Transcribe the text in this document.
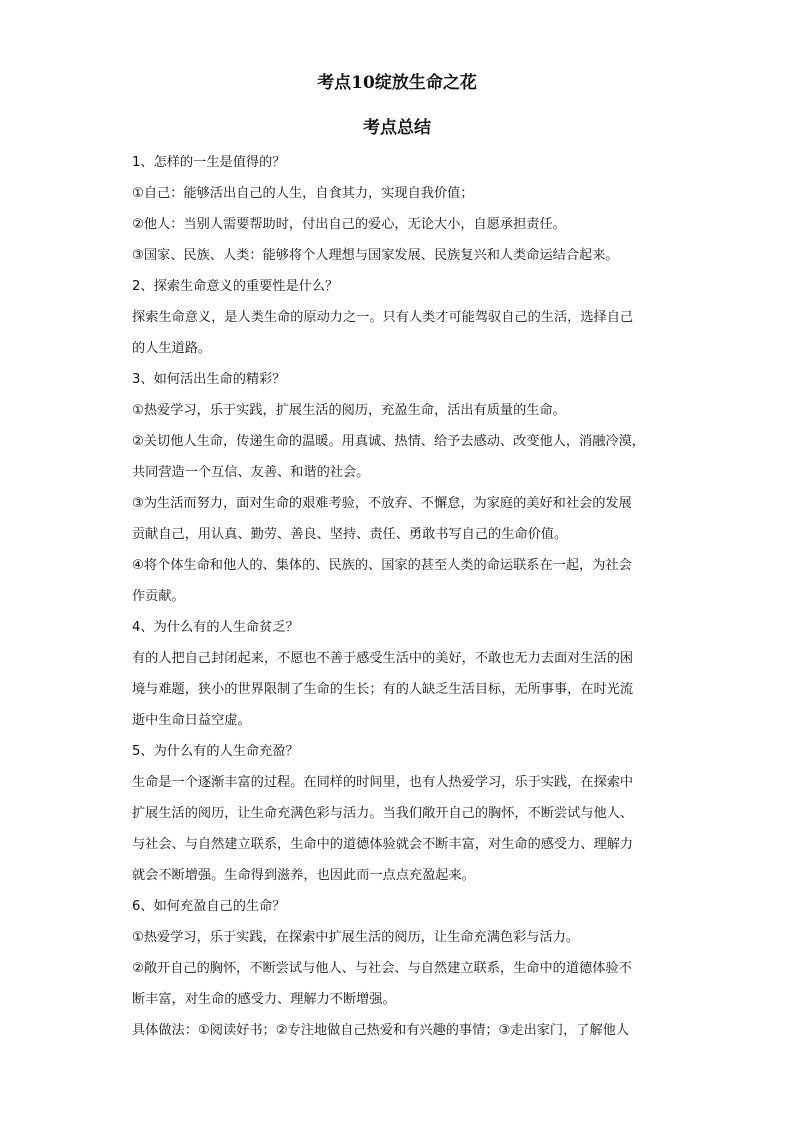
考点10绽放生命之花
考点总结

1、怎样的一生是值得的？

①自己：能够活出自己的人生，自食其力，实现自我价值；

②他人：当别人需要帮助时，付出自己的爱心，无论大小，自愿承担责任。

③国家、民族、人类：能够将个人理想与国家发展、民族复兴和人类命运结合起来。

2、探索生命意义的重要性是什么？

探索生命意义，是人类生命的原动力之一。只有人类才可能驾驭自己的生活，选择自己

的人生道路。

3、如何活出生命的精彩？

①热爱学习，乐于实践，扩展生活的阅历，充盈生命，活出有质量的生命。

②关切他人生命，传递生命的温暖。用真诚、热情、给予去感动、改变他人，消融冷漠，

共同营造一个互信、友善、和谐的社会。

③为生活而努力，面对生命的艰难考验，不放弃、不懈怠，为家庭的美好和社会的发展

贡献自己，用认真、勤劳、善良、坚持、责任、勇敢书写自己的生命价值。

④将个体生命和他人的、集体的、民族的、国家的甚至人类的命运联系在一起，为社会

作贡献。

4、为什么有的人生命贫乏？

有的人把自己封闭起来，不愿也不善于感受生活中的美好，不敢也无力去面对生活的困

境与难题，狭小的世界限制了生命的生长；有的人缺乏生活目标，无所事事，在时光流

逝中生命日益空虚。

5、为什么有的人生命充盈？

生命是一个逐渐丰富的过程。在同样的时间里，也有人热爱学习，乐于实践，在探索中

扩展生活的阅历，让生命充满色彩与活力。当我们敞开自己的胸怀，不断尝试与他人、

与社会、与自然建立联系，生命中的道德体验就会不断丰富，对生命的感受力、理解力

就会不断增强。生命得到滋养，也因此而一点点充盈起来。

6、如何充盈自己的生命？

①热爱学习，乐于实践，在探索中扩展生活的阅历，让生命充满色彩与活力。

②敞开自己的胸怀，不断尝试与他人、与社会、与自然建立联系，生命中的道德体验不

断丰富，对生命的感受力、理解力不断增强。

具体做法：①阅读好书；②专注地做自己热爱和有兴趣的事情；③走出家门，了解他人
